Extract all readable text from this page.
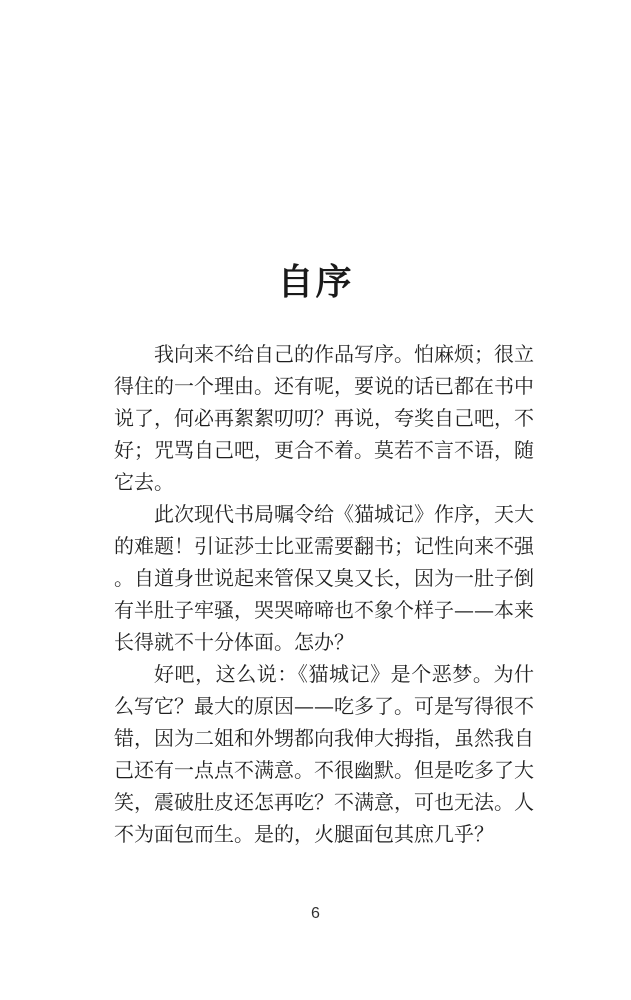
自序

我向来不给自己的作品写序。怕麻烦；很立得住的一个理由。还有呢，要说的话已都在书中说了，何必再絮絮叨叨？再说，夸奖自己吧，不好；咒骂自己吧，更合不着。莫若不言不语，随它去。

此次现代书局嘱令给《猫城记》作序，天大的难题！引证莎士比亚需要翻书；记性向来不强。自道身世说起来管保又臭又长，因为一肚子倒有半肚子牢骚，哭哭啼啼也不象个样子——本来长得就不十分体面。怎办？

好吧，这么说：《猫城记》是个恶梦。为什么写它？最大的原因——吃多了。可是写得很不错，因为二姐和外甥都向我伸大拇指，虽然我自己还有一点点不满意。不很幽默。但是吃多了大笑，震破肚皮还怎再吃？不满意，可也无法。人不为面包而生。是的，火腿面包其庶几乎？

6
